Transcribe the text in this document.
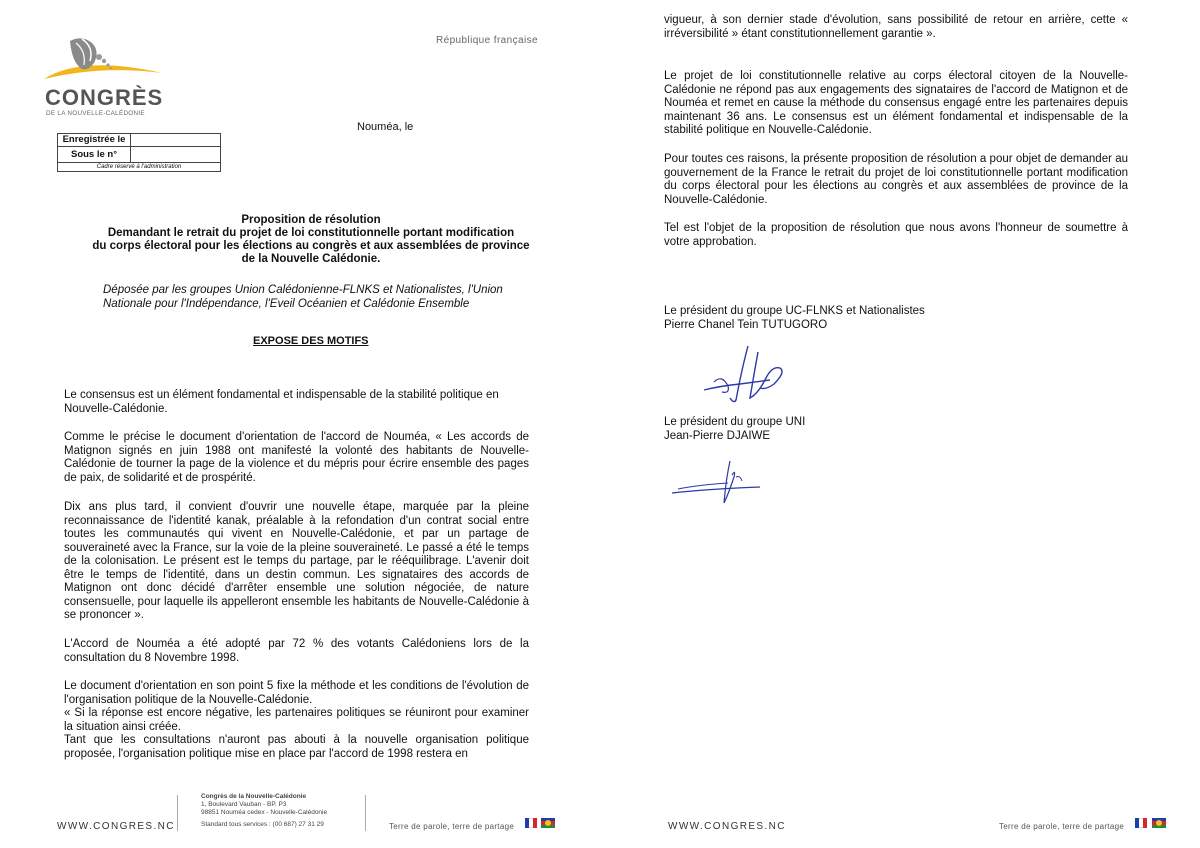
CONGRÈS
DE LA NOUVELLE-CALÉDONIE
République française
Nouméa, le
Enregistrée le	
Sous le n°	
Cadre réservé à l'administration	
Proposition de résolution
Demandant le retrait du projet de loi constitutionnelle portant modification
du corps électoral pour les élections au congrès et aux assemblées de province
de la Nouvelle Calédonie.
Déposée par les groupes Union Calédonienne-FLNKS et Nationalistes, l'Union Nationale pour l'Indépendance, l'Eveil Océanien et Calédonie Ensemble
EXPOSE DES MOTIFS

Le consensus est un élément fondamental et indispensable de la stabilité politique en Nouvelle-Calédonie.

Comme le précise le document d'orientation de l'accord de Nouméa, « Les accords de Matignon signés en juin 1988 ont manifesté la volonté des habitants de Nouvelle-Calédonie de tourner la page de la violence et du mépris pour écrire ensemble des pages de paix, de solidarité et de prospérité.

Dix ans plus tard, il convient d'ouvrir une nouvelle étape, marquée par la pleine reconnaissance de l'identité kanak, préalable à la refondation d'un contrat social entre toutes les communautés qui vivent en Nouvelle-Calédonie, et par un partage de souveraineté avec la France, sur la voie de la pleine souveraineté. Le passé a été le temps de la colonisation. Le présent est le temps du partage, par le rééquilibrage. L'avenir doit être le temps de l'identité, dans un destin commun. Les signataires des accords de Matignon ont donc décidé d'arrêter ensemble une solution négociée, de nature consensuelle, pour laquelle ils appelleront ensemble les habitants de Nouvelle-Calédonie à se prononcer ».

L'Accord de Nouméa a été adopté par 72 % des votants Calédoniens lors de la consultation du 8 Novembre 1998.

Le document d'orientation en son point 5 fixe la méthode et les conditions de l'évolution de l'organisation politique de la Nouvelle-Calédonie.

« Si la réponse est encore négative, les partenaires politiques se réuniront pour examiner la situation ainsi créée.

Tant que les consultations n'auront pas abouti à la nouvelle organisation politique proposée, l'organisation politique mise en place par l'accord de 1998 restera en

WWW.CONGRES.NC
Congrès de la Nouvelle-Calédonie
1, Boulevard Vauban - BP. P3
98851 Nouméa cedex - Nouvelle-Calédonie
Standard tous services : (00 687) 27 31 29	Terre de parole, terre de partage

vigueur, à son dernier stade d'évolution, sans possibilité de retour en arrière, cette « irréversibilité » étant constitutionnellement garantie ».

Le projet de loi constitutionnelle relative au corps électoral citoyen de la Nouvelle-Calédonie ne répond pas aux engagements des signataires de l'accord de Matignon et de Nouméa et remet en cause la méthode du consensus engagé entre les partenaires depuis maintenant 36 ans. Le consensus est un élément fondamental et indispensable de la stabilité politique en Nouvelle-Calédonie.

Pour toutes ces raisons, la présente proposition de résolution a pour objet de demander au gouvernement de la France le retrait du projet de loi constitutionnelle portant modification du corps électoral pour les élections au congrès et aux assemblées de province de la Nouvelle-Calédonie.

Tel est l'objet de la proposition de résolution que nous avons l'honneur de soumettre à votre approbation.

Le président du groupe UC-FLNKS et Nationalistes
Pierre Chanel Tein TUTUGORO
Le président du groupe UNI
Jean-Pierre DJAIWE
WWW.CONGRES.NC	Terre de parole, terre de partage
